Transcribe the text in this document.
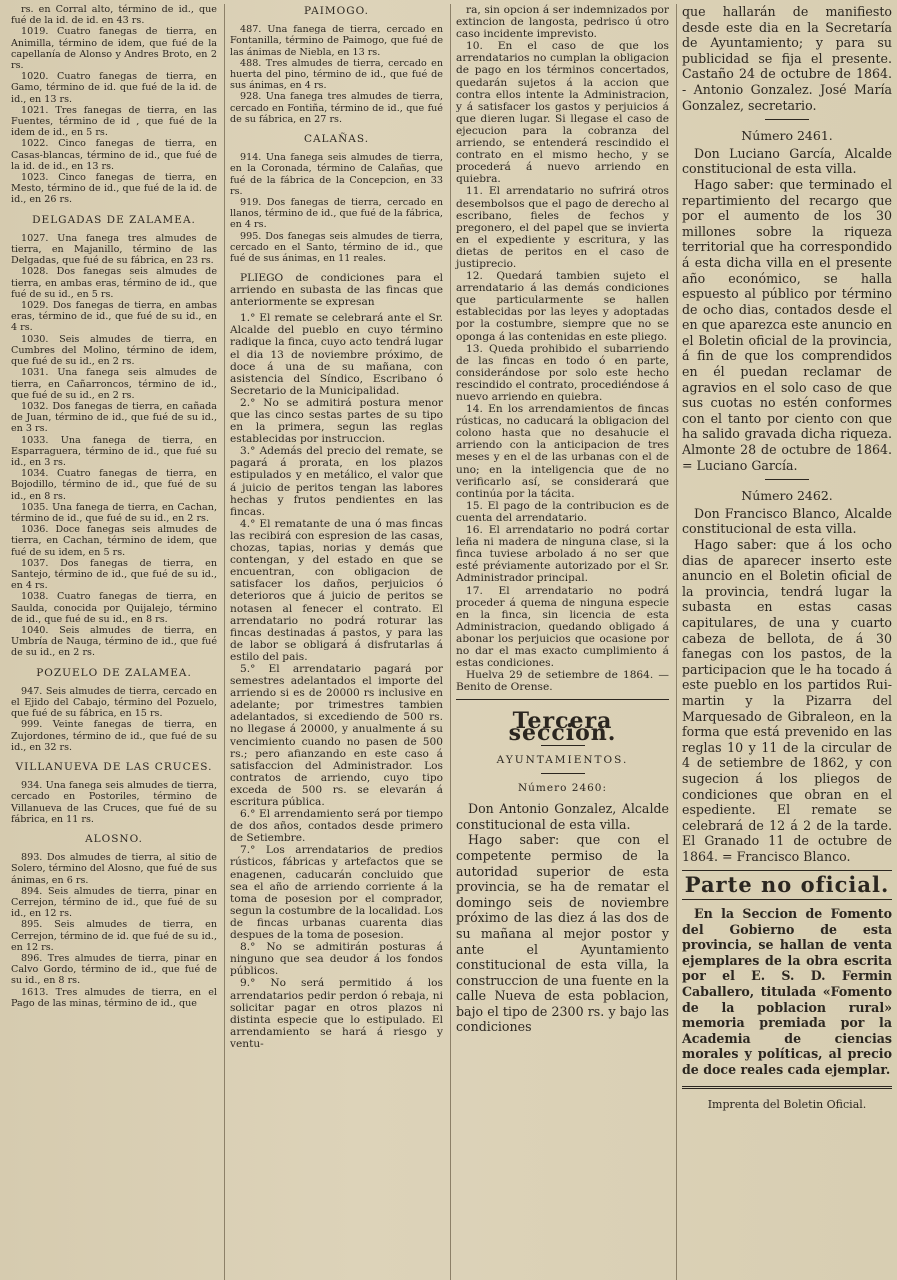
rs. en Corral alto, término de id., que fué de la id. de id. en 43 rs.

1019. Cuatro fanegas de tierra, en Animilla, término de idem, que fué de la capellanía de Alonso y Andres Broto, en 2 rs.

1020. Cuatro fanegas de tierra, en Gamo, término de id. que fué de la id. de id., en 13 rs.

1021. Tres fanegas de tierra, en las Fuentes, término de id , que fué de la idem de id., en 5 rs.

1022. Cinco fanegas de tierra, en Casas-blancas, término de id., que fué de la id. de id., en 13 rs.

1023. Cinco fanegas de tierra, en Mesto, término de id., que fué de la id. de id., en 26 rs.

DELGADAS DE ZALAMEA.

1027. Una fanega tres almudes de tierra, en Majanillo, término de las Delgadas, que fué de su fábrica, en 23 rs.

1028. Dos fanegas seis almudes de tierra, en ambas eras, término de id., que fué de su id., en 5 rs.

1029. Dos fanegas de tierra, en ambas eras, término de id., que fué de su id., en 4 rs.

1030. Seis almudes de tierra, en Cumbres del Molino, término de idem, que fué de su id., en 2 rs.

1031. Una fanega seis almudes de tierra, en Cañarroncos, término de id., que fué de su id., en 2 rs.

1032. Dos fanegas de tierra, en cañada de Juan, término de id., que fué de su id., en 3 rs.

1033. Una fanega de tierra, en Esparraguera, término de id., que fué su id., en 3 rs.

1034. Cuatro fanegas de tierra, en Bojodillo, término de id., que fué de su id., en 8 rs.

1035. Una fanega de tierra, en Cachan, término de id., que fué de su id., en 2 rs.

1036. Doce fanegas seis almudes de tierra, en Cachan, término de idem, que fué de su idem, en 5 rs.

1037. Dos fanegas de tierra, en Santejo, término de id., que fué de su id., en 4 rs.

1038. Cuatro fanegas de tierra, en Saulda, conocida por Quijalejo, término de id., que fué de su id., en 8 rs.

1040. Seis almudes de tierra, en Umbría de Nauga, término de id., que fué de su id., en 2 rs.

POZUELO DE ZALAMEA.

947. Seis almudes de tierra, cercado en el Ejido del Cabajo, término del Pozuelo, que fué de su fábrica, en 15 rs.

999. Veinte fanegas de tierra, en Zujordones, término de id., que fué de su id., en 32 rs.

VILLANUEVA DE LAS CRUCES.

934. Una fanega seis almudes de tierra, cercado en Postoriles, término de Villanueva de las Cruces, que fué de su fábrica, en 11 rs.

ALOSNO.

893. Dos almudes de tierra, al sitio de Solero, término del Alosno, que fué de sus ánimas, en 6 rs.

894. Seis almudes de tierra, pinar en Cerrejon, término de id., que fué de su id., en 12 rs.

895. Seis almudes de tierra, en Cerrejon, término de id. que fué de su id., en 12 rs.

896. Tres almudes de tierra, pinar en Calvo Gordo, término de id., que fué de su id., en 8 rs.

1613. Tres almudes de tierra, en el Pago de las minas, término de id., que

PAIMOGO.

487. Una fanega de tierra, cercado en Fontanilla, término de Paimogo, que fué de las ánimas de Niebla, en 13 rs.

488. Tres almudes de tierra, cercado en huerta del pino, término de id., que fué de sus ánimas, en 4 rs.

928. Una fanega tres almudes de tierra, cercado en Fontiña, término de id., que fué de su fábrica, en 27 rs.

CALAÑAS.

914. Una fanega seis almudes de tierra, en la Coronada, término de Calañas, que fué de la fábrica de la Concepcion, en 33 rs.

919. Dos fanegas de tierra, cercado en llanos, término de id., que fué de la fábrica, en 4 rs.

995. Dos fanegas seis almudes de tierra, cercado en el Santo, término de id., que fué de sus ánimas, en 11 reales.

PLIEGO de condiciones para el arriendo en subasta de las fincas que anteriormente se expresan

1.° El remate se celebrará ante el Sr. Alcalde del pueblo en cuyo término radique la finca, cuyo acto tendrá lugar el dia 13 de noviembre próximo, de doce á una de su mañana, con asistencia del Síndico, Escribano ó Secretario de la Municipalidad.

2.° No se admitirá postura menor que las cinco sestas partes de su tipo en la primera, segun las reglas establecidas por instruccion.

3.° Además del precio del remate, se pagará á prorata, en los plazos estipulados y en metálico, el valor que á juicio de peritos tengan las labores hechas y frutos pendientes en las fincas.

4.° El rematante de una ó mas fincas las recibirá con espresion de las casas, chozas, tapias, norias y demás que contengan, y del estado en que se encuentran, con obligacion de satisfacer los daños, perjuicios ó deterioros que á juicio de peritos se notasen al fenecer el contrato. El arrendatario no podrá roturar las fincas destinadas á pastos, y para las de labor se obligará á disfrutarlas á estilo del pais.

5.° El arrendatario pagará por semestres adelantados el importe del arriendo si es de 20000 rs inclusive en adelante; por trimestres tambien adelantados, si excediendo de 500 rs. no llegase á 20000, y anualmente á su vencimiento cuando no pasen de 500 rs.; pero afianzando en este caso á satisfaccion del Administrador. Los contratos de arriendo, cuyo tipo exceda de 500 rs. se elevarán á escritura pública.

6.° El arrendamiento será por tiempo de dos años, contados desde primero de Setiembre.

7.° Los arrendatarios de predios rústicos, fábricas y artefactos que se enagenen, caducarán concluido que sea el año de arriendo corriente á la toma de posesion por el comprador, segun la costumbre de la localidad. Los de fincas urbanas cuarenta dias despues de la toma de posesion.

8.° No se admitirán posturas á ninguno que sea deudor á los fondos públicos.

9.° No será permitido á los arrendatarios pedir perdon ó rebaja, ni solicitar pagar en otros plazos ni distinta especie que lo estipulado. El arrendamiento se hará á riesgo y ventu-

ra, sin opcion á ser indemnizados por extincion de langosta, pedrisco ú otro caso incidente imprevisto.

10. En el caso de que los arrendatarios no cumplan la obligacion de pago en los términos concertados, quedarán sujetos á la accion que contra ellos intente la Administracion, y á satisfacer los gastos y perjuicios á que dieren lugar. Si llegase el caso de ejecucion para la cobranza del arriendo, se entenderá rescindido el contrato en el mismo hecho, y se procederá á nuevo arriendo en quiebra.

11. El arrendatario no sufrirá otros desembolsos que el pago de derecho al escribano, fieles de fechos y pregonero, el del papel que se invierta en el expediente y escritura, y las dietas de peritos en el caso de justiprecio.

12. Quedará tambien sujeto el arrendatario á las demás condiciones que particularmente se hallen establecidas por las leyes y adoptadas por la costumbre, siempre que no se oponga á las contenidas en este pliego.

13. Queda prohibido el subarriendo de las fincas en todo ó en parte, considerándose por solo este hecho rescindido el contrato, procediéndose á nuevo arriendo en quiebra.

14. En los arrendamientos de fincas rústicas, no caducará la obligacion del colono hasta que no desahucie el arriendo con la anticipacion de tres meses y en el de las urbanas con el de uno; en la inteligencia que de no verificarlo así, se considerará que continúa por la tácita.

15. El pago de la contribucion es de cuenta del arrendatario.

16. El arrendatario no podrá cortar leña ni madera de ninguna clase, si la finca tuviese arbolado á no ser que esté préviamente autorizado por el Sr. Administrador principal.

17. El arrendatario no podrá proceder á quema de ninguna especie en la finca, sin licencia de esta Administracion, quedando obligado á abonar los perjuicios que ocasione por no dar el mas exacto cumplimiento á estas condiciones.

Huelva 29 de setiembre de 1864. — Benito de Orense.

Tercera seccion.
AYUNTAMIENTOS.
Número 2460:

Don Antonio Gonzalez, Alcalde constitucional de esta villa.

Hago saber: que con el competente permiso de la autoridad superior de esta provincia, se ha de rematar el domingo seis de noviembre próximo de las diez á las dos de su mañana al mejor postor y ante el Ayuntamiento constitucional de esta villa, la construccion de una fuente en la calle Nueva de esta poblacion, bajo el tipo de 2300 rs. y bajo las condiciones

que hallarán de manifiesto desde este dia en la Secretaría de Ayuntamiento; y para su publicidad se fija el presente. Castaño 24 de octubre de 1864. - Antonio Gonzalez. José María Gonzalez, secretario.

Número 2461.

Don Luciano García, Alcalde constitucional de esta villa.

Hago saber: que terminado el repartimiento del recargo que por el aumento de los 30 millones sobre la riqueza territorial que ha correspondido á esta dicha villa en el presente año económico, se halla espuesto al público por término de ocho dias, contados desde el en que aparezca este anuncio en el Boletin oficial de la provincia, á fin de que los comprendidos en él puedan reclamar de agravios en el solo caso de que sus cuotas no estén conformes con el tanto por ciento con que ha salido gravada dicha riqueza. Almonte 28 de octubre de 1864. = Luciano García.

Número 2462.

Don Francisco Blanco, Alcalde constitucional de esta villa.

Hago saber: que á los ocho dias de aparecer inserto este anuncio en el Boletin oficial de la provincia, tendrá lugar la subasta en estas casas capitulares, de una y cuarto cabeza de bellota, de á 30 fanegas con los pastos, de la participacion que le ha tocado á este pueblo en los partidos Rui-martin y la Pizarra del Marquesado de Gibraleon, en la forma que está prevenido en las reglas 10 y 11 de la circular de 4 de setiembre de 1862, y con sugecion á los pliegos de condiciones que obran en el espediente. El remate se celebrará de 12 á 2 de la tarde. El Granado 11 de octubre de 1864. = Francisco Blanco.

Parte no oficial.

En la Seccion de Fomento del Gobierno de esta provincia, se hallan de venta ejemplares de la obra escrita por el E. S. D. Fermin Caballero, titulada «Fomento de la poblacion rural» memoria premiada por la Academia de ciencias morales y políticas, al precio de doce reales cada ejemplar.

Imprenta del Boletin Oficial.
